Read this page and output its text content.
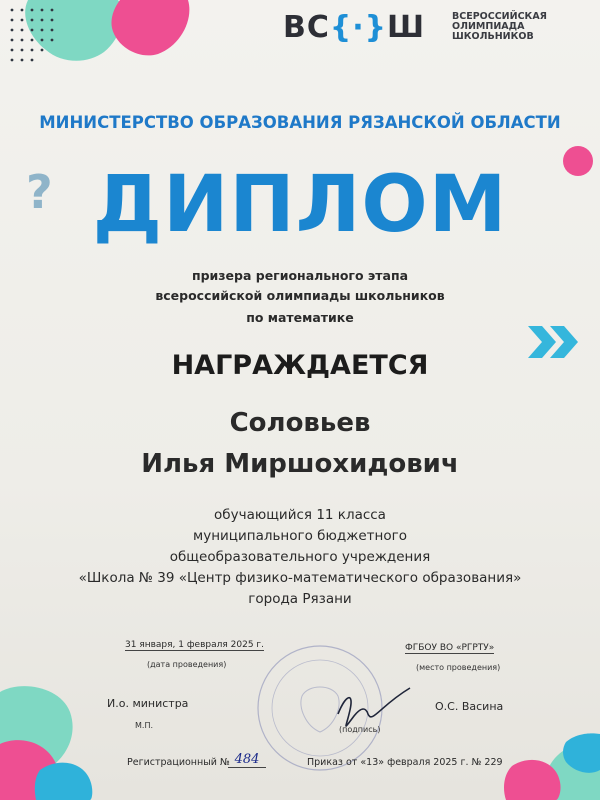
?
ВС{·}Ш	ВСЕРОССИЙСКАЯ
ОЛИМПИАДА
ШКОЛЬНИКОВ
МИНИСТЕРСТВО ОБРАЗОВАНИЯ РЯЗАНСКОЙ ОБЛАСТИ
ДИПЛОМ
призера регионального этапа
всероссийской олимпиады школьников
по математике
НАГРАЖДАЕТСЯ
Соловьев
Илья Миршохидович
обучающийся 11 класса
муниципального бюджетного
общеобразовательного учреждения
«Школа № 39 «Центр физико-математического образования»
города Рязани
31 января, 1 февраля 2025 г.
(дата проведения)
ФГБОУ ВО «РГРТУ»
(место проведения)
И.о. министра
М.П.	(подпись)
О.С. Васина
Регистрационный № 484	Приказ от «13» февраля 2025 г. № 229
